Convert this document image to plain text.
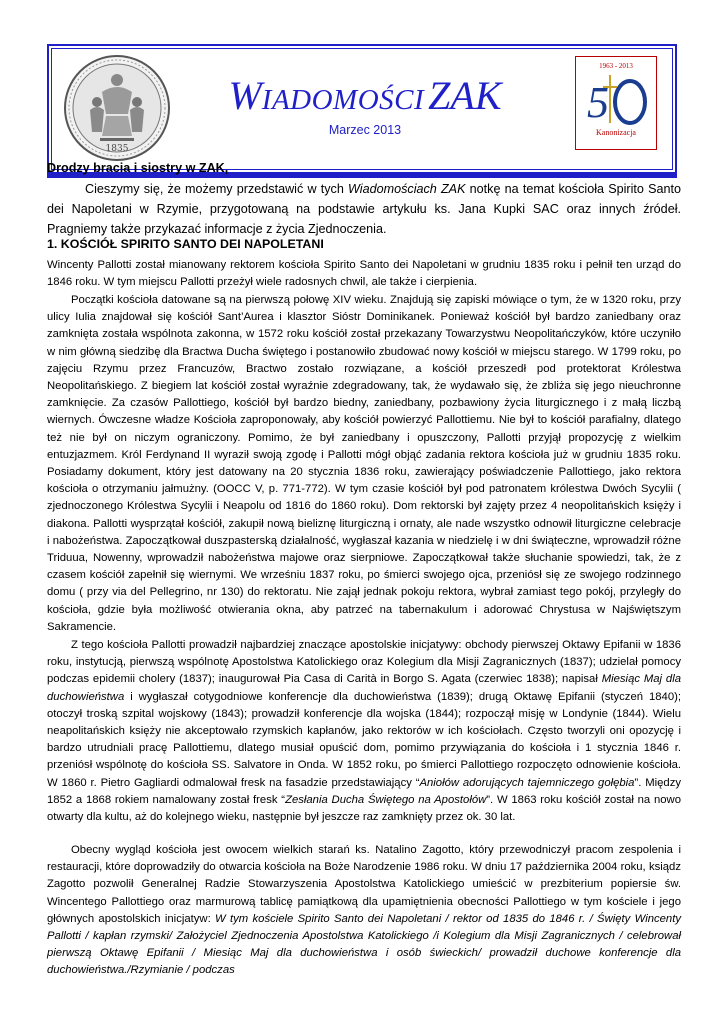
1835
WIADOMOŚCI ZAK
Marzec 2013
1963 - 2013
5
Kanonizacja

Drodzy bracia i siostry w ZAK,

Cieszymy się, że możemy przedstawić w tych Wiadomościach ZAK notkę na temat kościoła Spirito Santo dei Napoletani w Rzymie, przygotowaną na podstawie artykułu ks. Jana Kupki SAC oraz innych źródeł. Pragniemy także przykazać informacje z życia Zjednoczenia.

1. KOŚCIÓŁ SPIRITO SANTO DEI NAPOLETANI

Wincenty Pallotti został mianowany rektorem kościoła Spirito Santo dei Napoletani w grudniu 1835 roku i pełnił ten urząd do 1846 roku. W tym miejscu Pallotti przeżył wiele radosnych chwil, ale także i cierpienia.

Początki kościoła datowane są na pierwszą połowę XIV wieku. Znajdują się zapiski mówiące o tym, że w 1320 roku, przy ulicy Iulia znajdował się kościół Sant’Aurea i klasztor Sióstr Dominikanek. Ponieważ kościół był bardzo zaniedbany oraz zamknięta została wspólnota zakonna, w 1572 roku kościół został przekazany Towarzystwu Neopolitańczyków, które uczyniło w nim główną siedzibę dla Bractwa Ducha świętego i postanowiło zbudować nowy kościół w miejscu starego. W 1799 roku, po zajęciu Rzymu przez Francuzów, Bractwo zostało rozwiązane, a kościół przeszedł pod protektorat Królestwa Neopolitańskiego. Z biegiem lat kościół został wyraźnie zdegradowany, tak, że wydawało się, że zbliża się jego nieuchronne zamknięcie. Za czasów Pallottiego, kościół był bardzo biedny, zaniedbany, pozbawiony życia liturgicznego i z małą liczbą wiernych. Ówczesne władze Kościoła zaproponowały, aby kościół powierzyć Pallottiemu. Nie był to kościół parafialny, dlatego też nie był on niczym ograniczony. Pomimo, że był zaniedbany i opuszczony, Pallotti przyjął propozycję z wielkim entuzjazmem. Król Ferdynand II wyraził swoją zgodę i Pallotti mógł objąć zadania rektora kościoła już w grudniu 1835 roku. Posiadamy dokument, który jest datowany na 20 stycznia 1836 roku, zawierający poświadczenie Pallottiego, jako rektora kościoła o otrzymaniu jałmużny. (OOCC V, p. 771-772). W tym czasie kościół był pod patronatem królestwa Dwóch Sycylii ( zjednoczonego Królestwa Sycylii i Neapolu od 1816 do 1860 roku). Dom rektorski był zajęty przez 4 neopolitańskich księży i diakona. Pallotti wysprzątał kościół, zakupił nową bieliznę liturgiczną i ornaty, ale nade wszystko odnowił liturgiczne celebracje i nabożeństwa. Zapoczątkował duszpasterską działalność, wygłaszał kazania w niedzielę i w dni świąteczne, wprowadził różne Triduua, Nowenny, wprowadził nabożeństwa majowe oraz sierpniowe. Zapoczątkował także słuchanie spowiedzi, tak, że z czasem kościół zapełnił się wiernymi. We wrześniu 1837 roku, po śmierci swojego ojca, przeniósł się ze swojego rodzinnego domu ( przy via del Pellegrino, nr 130) do rektoratu. Nie zajął jednak pokoju rektora, wybrał zamiast tego pokój, przyległy do kościoła, gdzie była możliwość otwierania okna, aby patrzeć na tabernakulum i adorować Chrystusa w Najświętszym Sakramencie.

Z tego kościoła Pallotti prowadził najbardziej znaczące apostolskie inicjatywy: obchody pierwszej Oktawy Epifanii w 1836 roku, instytucją, pierwszą wspólnotę Apostolstwa Katolickiego oraz Kolegium dla Misji Zagranicznych (1837); udzielał pomocy podczas epidemii cholery (1837); inaugurował Pia Casa di Carità in Borgo S. Agata (czerwiec 1838); napisał Miesiąc Maj dla duchowieństwa i wygłaszał cotygodniowe konferencje dla duchowieństwa (1839); drugą Oktawę Epifanii (styczeń 1840); otoczył troską szpital wojskowy (1843); prowadził konferencje dla wojska (1844); rozpoczął misję w Londynie (1844). Wielu neapolitańskich księży nie akceptowało rzymskich kapłanów, jako rektorów w ich kościołach. Często tworzyli oni opozycję i bardzo utrudniali pracę Pallottiemu, dlatego musiał opuścić dom, pomimo przywiązania do kościoła i 1 stycznia 1846 r. przeniósł wspólnotę do kościoła SS. Salvatore in Onda. W 1852 roku, po śmierci Pallottiego rozpoczęto odnowienie kościoła. W 1860 r. Pietro Gagliardi odmalował fresk na fasadzie przedstawiający “Aniołów adorujących tajemniczego gołębia”. Między 1852 a 1868 rokiem namalowany został fresk “Zesłania Ducha Świętego na Apostołów”. W 1863 roku kościół został na nowo otwarty dla kultu, aż do kolejnego wieku, następnie był jeszcze raz zamknięty przez ok. 30 lat.

Obecny wygląd kościoła jest owocem wielkich starań ks. Natalino Zagotto, który przewodniczył pracom zespolenia i restauracji, które doprowadziły do otwarcia kościoła na Boże Narodzenie 1986 roku. W dniu 17 października 2004 roku, ksiądz Zagotto pozwolił Generalnej Radzie Stowarzyszenia Apostolstwa Katolickiego umieścić w prezbiterium popiersie św. Wincentego Pallottiego oraz marmurową tablicę pamiątkową dla upamiętnienia obecności Pallottiego w tym kościele i jego głównych apostolskich inicjatyw: W tym kościele Spirito Santo dei Napoletani / rektor od 1835 do 1846 r. / Święty Wincenty Pallotti / kapłan rzymski/ Założyciel Zjednoczenia Apostolstwa Katolickiego /i Kolegium dla Misji Zagranicznych / celebrował pierwszą Oktawę Epifanii / Miesiąc Maj dla duchowieństwa i osób świeckich/ prowadził duchowe konferencje dla duchowieństwa./Rzymianie / podczas
